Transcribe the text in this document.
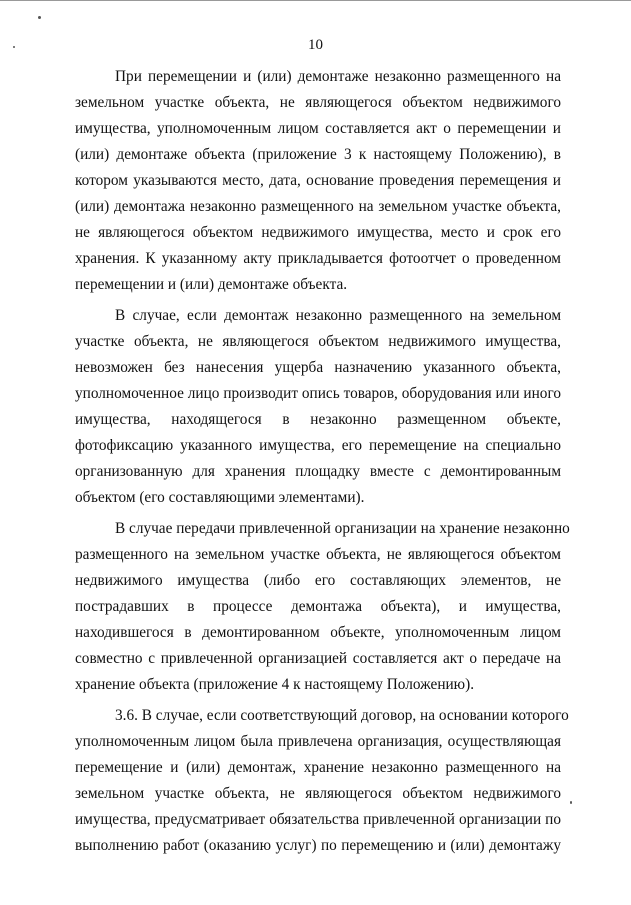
10
При перемещении и (или) демонтаже незаконно размещенного на
земельном участке объекта, не являющегося объектом недвижимого
имущества, уполномоченным лицом составляется акт о перемещении и
(или) демонтаже объекта (приложение 3 к настоящему Положению), в
котором указываются место, дата, основание проведения перемещения и
(или) демонтажа незаконно размещенного на земельном участке объекта,
не являющегося объектом недвижимого имущества, место и срок его
хранения. К указанному акту прикладывается фотоотчет о проведенном
перемещении и (или) демонтаже объекта.
В случае, если демонтаж незаконно размещенного на земельном
участке объекта, не являющегося объектом недвижимого имущества,
невозможен без нанесения ущерба назначению указанного объекта,
уполномоченное лицо производит опись товаров, оборудования или иного
имущества, находящегося в незаконно размещенном объекте,
фотофиксацию указанного имущества, его перемещение на специально
организованную для хранения площадку вместе с демонтированным
объектом (его составляющими элементами).
В случае передачи привлеченной организации на хранение незаконно
размещенного на земельном участке объекта, не являющегося объектом
недвижимого имущества (либо его составляющих элементов, не
пострадавших в процессе демонтажа объекта), и имущества,
находившегося в демонтированном объекте, уполномоченным лицом
совместно с привлеченной организацией составляется акт о передаче на
хранение объекта (приложение 4 к настоящему Положению).
3.6. В случае, если соответствующий договор, на основании которого
уполномоченным лицом была привлечена организация, осуществляющая
перемещение и (или) демонтаж, хранение незаконно размещенного на
земельном участке объекта, не являющегося объектом недвижимого
имущества, предусматривает обязательства привлеченной организации по
выполнению работ (оказанию услуг) по перемещению и (или) демонтажу
